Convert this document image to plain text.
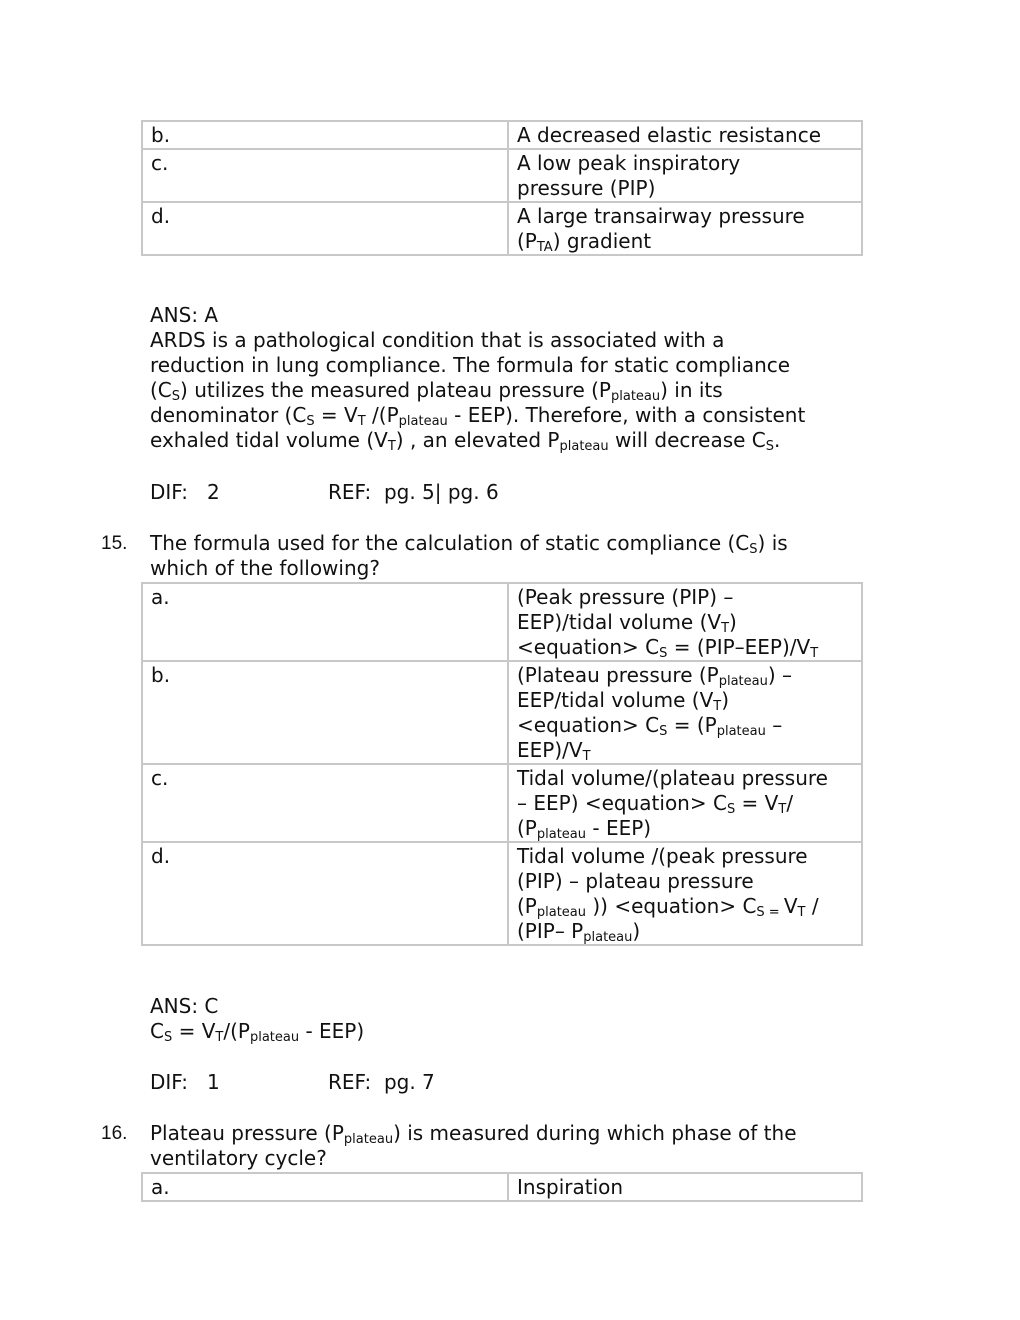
b.	A decreased elastic resistance
c.	A low peak inspiratory
pressure (PIP)
d.	A large transairway pressure
$(P_{TA})$ gradient
ANS: A
ARDS is a pathological condition that is associated with a
reduction in lung compliance. The formula for static compliance
$(C_S)$ utilizes the measured plateau pressure $(P_{plateau})$ in its
denominator ($C_S = V_T$ $/(P_{plateau} - EEP)$. Therefore, with a consistent
exhaled tidal volume $(V_T)$ , an elevated $P_{plateau}$ will decrease $C_S$.
DIF:   2	REF:  pg. 5| pg. 6
15. The formula used for the calculation of static compliance $(C_S)$ is
which of the following?
a.	(Peak pressure (PIP) –
EEP)/tidal volume $(V_T)$
<equation> $C_S = (PIP-EEP)/V_T$

b.	(Plateau pressure $(P_{plateau})$ –
EEP/tidal volume $(V_T)$
<equation> $C_S = (P_{plateau}$ –
$EEP)/V_T$

c.	Tidal volume/(plateau pressure
– EEP) <equation> $C_S = V_T/$
$(P_{plateau} - EEP)$

d.	Tidal volume /(peak pressure
(PIP) – plateau pressure
($P_{plateau}$ )) <equation> $C_{S =}$ $V_T$ /
(PIP– $P_{plateau}$)
ANS: C
$C_S = V_T/(P_{plateau} - EEP)$
DIF:   1	REF:  pg. 7
16. Plateau pressure $(P_{plateau})$ is measured during which phase of the
ventilatory cycle?
a.	Inspiration
